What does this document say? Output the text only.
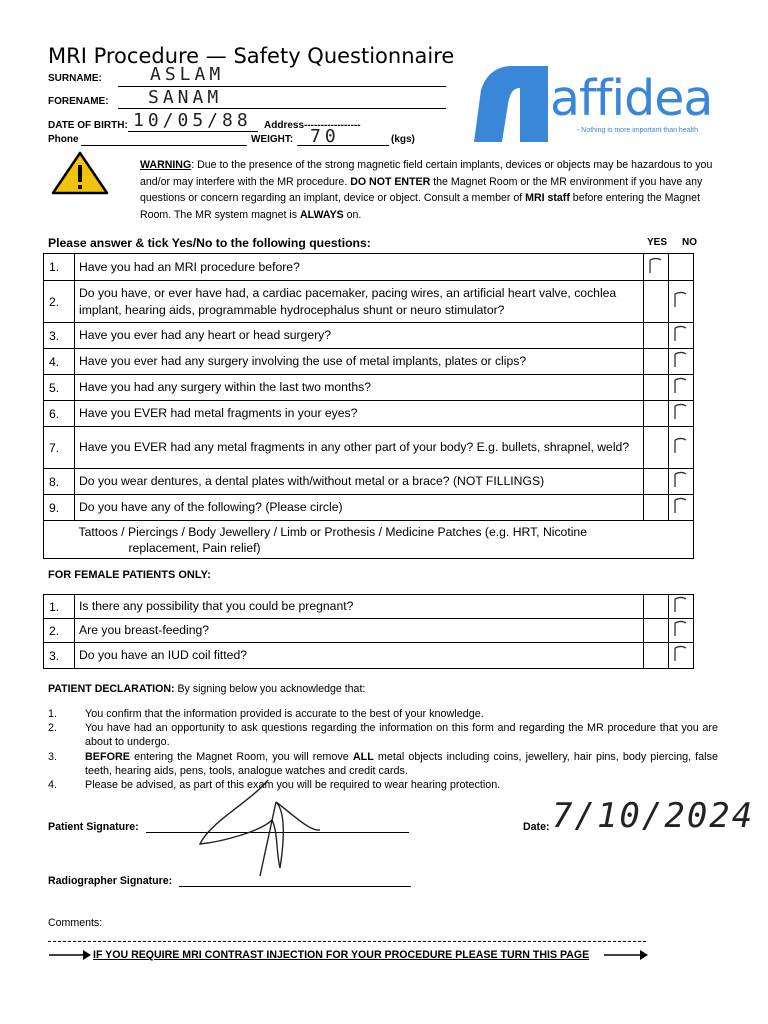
MRI Procedure — Safety Questionnaire
affidea
- Nothing is more important than health
SURNAME:	ASLAM
FORENAME: SANAM
DATE OF BIRTH: 10/05/88 Address-----------------
Phone	WEIGHT: 70	(kgs)
WARNING: Due to the presence of the strong magnetic field certain implants, devices or objects may be hazardous to you and/or may interfere with the MR procedure. DO NOT ENTER the Magnet Room or the MR environment if you have any questions or concern regarding an implant, device or object. Consult a member of MRI staff before entering the Magnet Room. The MR system magnet is ALWAYS on.
Please answer & tick Yes/No to the following questions:	YES NO
1.	Have you had an MRI procedure before?	

2.	Do you have, or ever have had, a cardiac pacemaker, pacing wires, an artificial heart valve, cochlea implant, hearing aids, programmable hydrocephalus shunt or neuro stimulator?		

3.	Have you ever had any heart or head surgery?		

4.	Have you ever had any surgery involving the use of metal implants, plates or clips?		

5.	Have you had any surgery within the last two months?		

6.	Have you EVER had metal fragments in your eyes?		

7.	Have you EVER had any metal fragments in any other part of your body? E.g. bullets, shrapnel, weld?		

8.	Do you wear dentures, a dental plates with/without metal or a brace? (NOT FILLINGS)		

9.	Do you have any of the following? (Please circle)		

	Tattoos / Piercings / Body Jewellery / Limb or Prothesis / Medicine Patches (e.g. HRT, Nicotine replacement, Pain relief)		
FOR FEMALE PATIENTS ONLY:
1.	Is there any possibility that you could be pregnant?		

2.	Are you breast-feeding?		

3.	Do you have an IUD coil fitted?		
PATIENT DECLARATION: By signing below you acknowledge that:
1.	You confirm that the information provided is accurate to the best of your knowledge.
2.	You have had an opportunity to ask questions regarding the information on this form and regarding the MR procedure that you are about to undergo.
3.	BEFORE entering the Magnet Room, you will remove ALL metal objects including coins, jewellery, hair pins, body piercing, false teeth, hearing aids, pens, tools, analogue watches and credit cards.
4.	Please be advised, as part of this exam you will be required to wear hearing protection.
Patient Signature:	Date: 7/10/2024
Radiographer Signature:
Comments:
IF YOU REQUIRE MRI CONTRAST INJECTION FOR YOUR PROCEDURE PLEASE TURN THIS PAGE
